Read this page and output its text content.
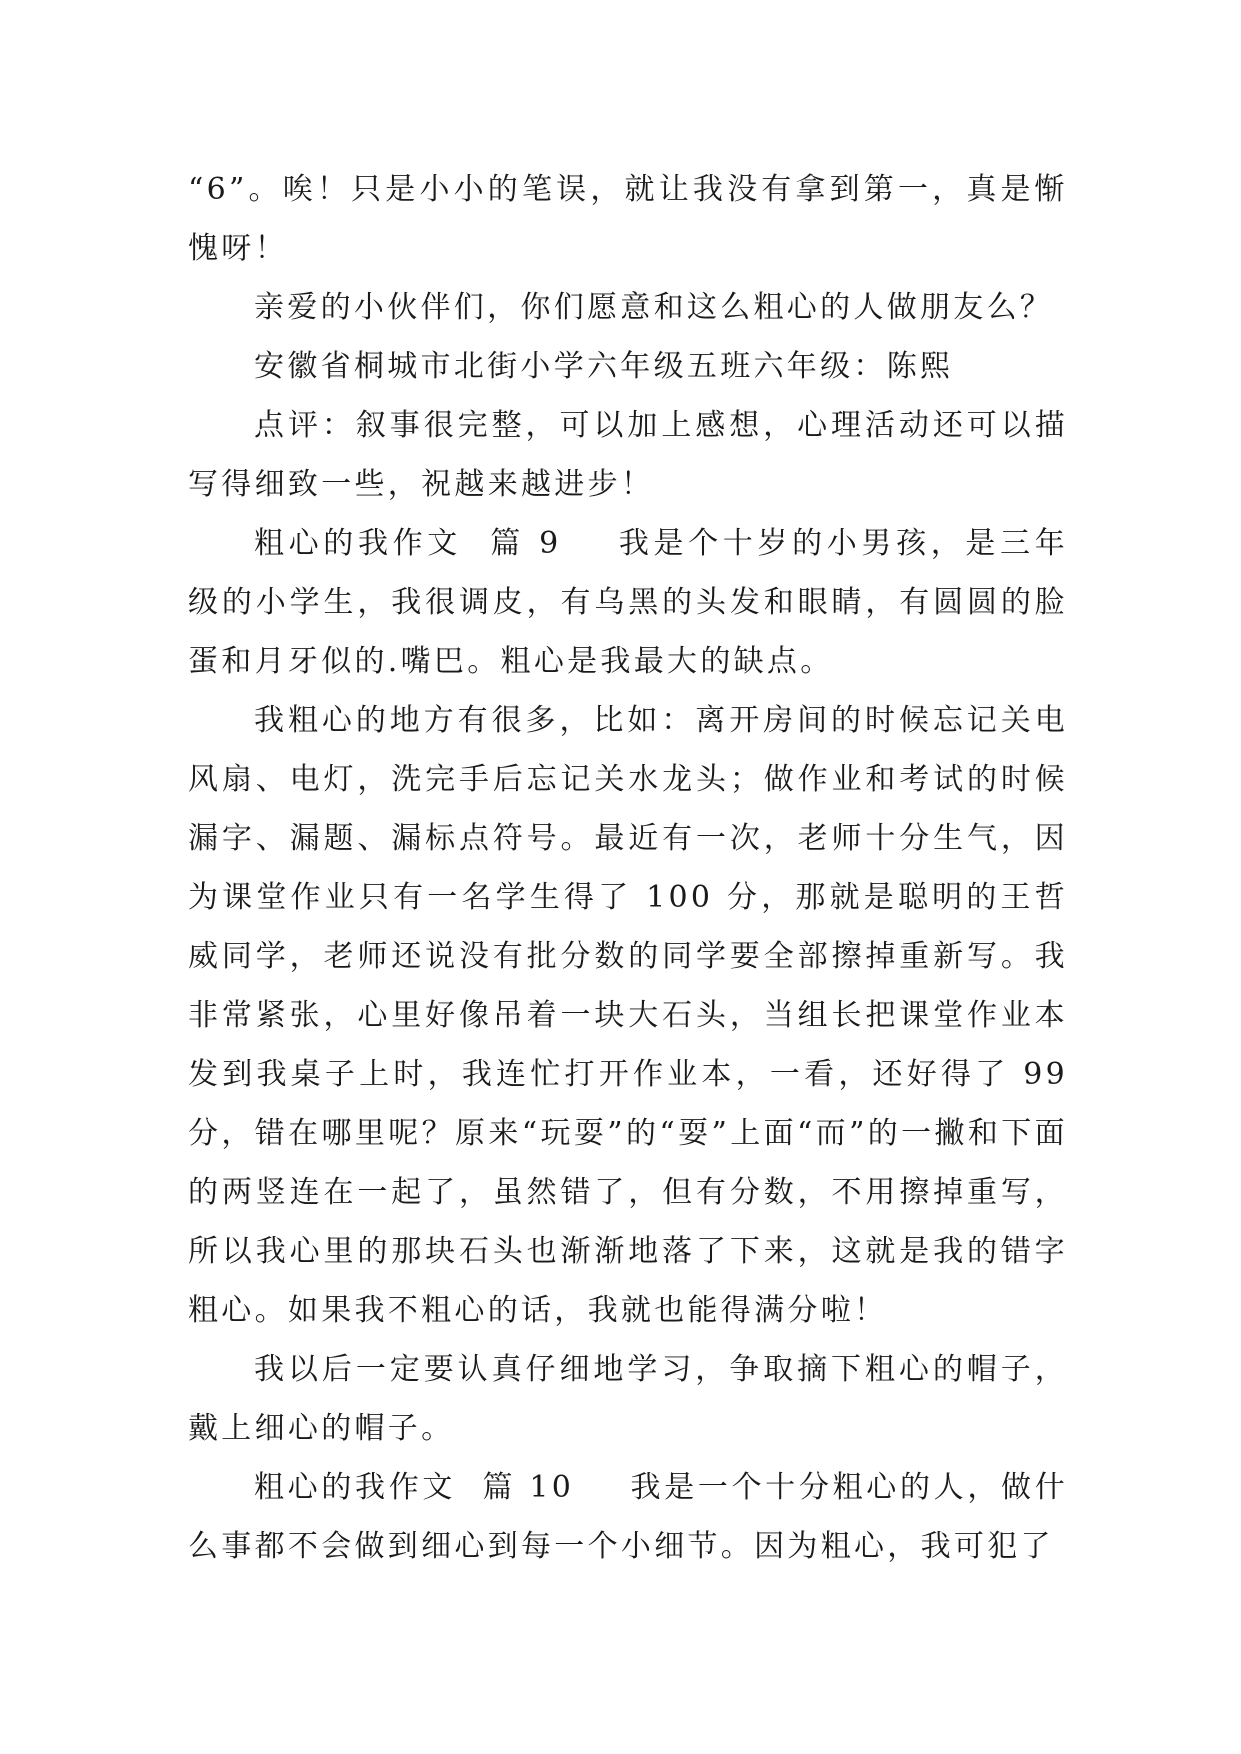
“6”。唉！只是小小的笔误，就让我没有拿到第一，真是惭愧呀！

亲爱的小伙伴们，你们愿意和这么粗心的人做朋友么？

安徽省桐城市北街小学六年级五班六年级：陈熙

点评：叙事很完整，可以加上感想，心理活动还可以描写得细致一些，祝越来越进步！

粗心的我作文  篇 9 我是个十岁的小男孩，是三年级的小学生，我很调皮，有乌黑的头发和眼睛，有圆圆的脸蛋和月牙似的.嘴巴。粗心是我最大的缺点。

我粗心的地方有很多，比如：离开房间的时候忘记关电风扇、电灯，洗完手后忘记关水龙头；做作业和考试的时候漏字、漏题、漏标点符号。最近有一次，老师十分生气，因为课堂作业只有一名学生得了 100 分，那就是聪明的王哲威同学，老师还说没有批分数的同学要全部擦掉重新写。我非常紧张，心里好像吊着一块大石头，当组长把课堂作业本发到我桌子上时，我连忙打开作业本，一看，还好得了 99 分，错在哪里呢？原来“玩耍”的“耍”上面“而”的一撇和下面的两竖连在一起了，虽然错了，但有分数，不用擦掉重写，所以我心里的那块石头也渐渐地落了下来，这就是我的错字粗心。如果我不粗心的话，我就也能得满分啦！

我以后一定要认真仔细地学习，争取摘下粗心的帽子，戴上细心的帽子。

粗心的我作文  篇 10 我是一个十分粗心的人，做什么事都不会做到细心到每一个小细节。因为粗心，我可犯了
